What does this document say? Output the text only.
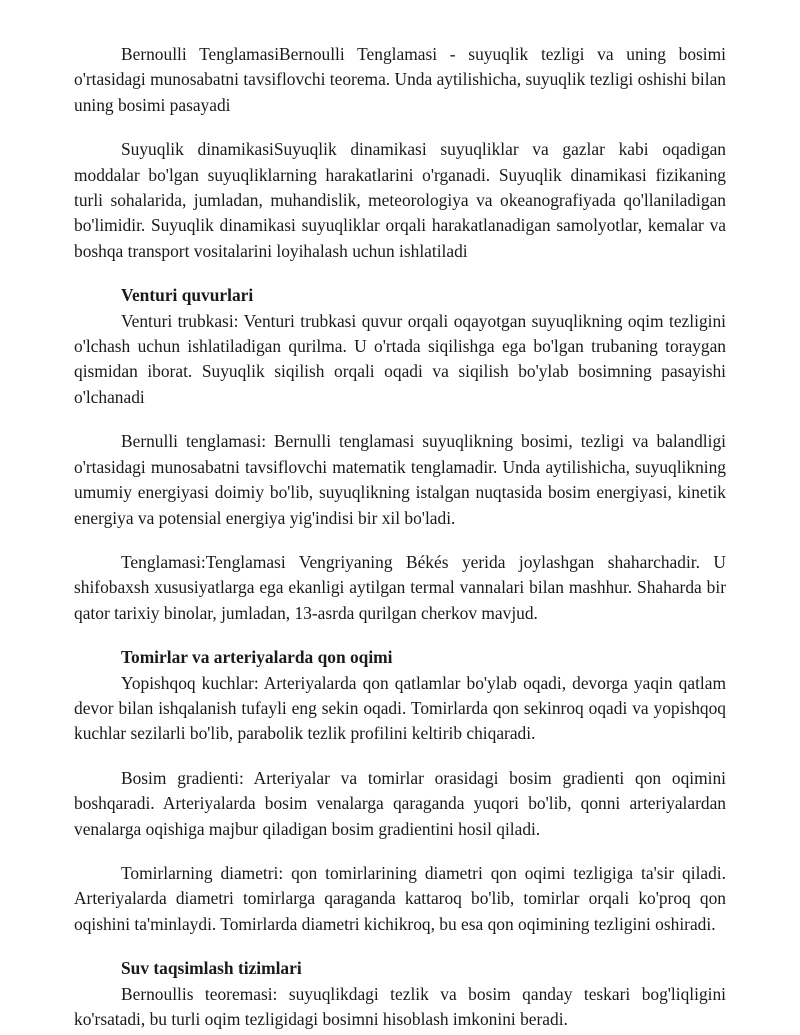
Bernoulli TenglamasiBernoulli Tenglamasi - suyuqlik tezligi va uning bosimi o'rtasidagi munosabatni tavsiflovchi teorema. Unda aytilishicha, suyuqlik tezligi oshishi bilan uning bosimi pasayadi

Suyuqlik dinamikasiSuyuqlik dinamikasi suyuqliklar va gazlar kabi oqadigan moddalar bo'lgan suyuqliklarning harakatlarini o'rganadi. Suyuqlik dinamikasi fizikaning turli sohalarida, jumladan, muhandislik, meteorologiya va okeanografiyada qo'llaniladigan bo'limidir. Suyuqlik dinamikasi suyuqliklar orqali harakatlanadigan samolyotlar, kemalar va boshqa transport vositalarini loyihalash uchun ishlatiladi

Venturi quvurlari

Venturi trubkasi: Venturi trubkasi quvur orqali oqayotgan suyuqlikning oqim tezligini o'lchash uchun ishlatiladigan qurilma. U o'rtada siqilishga ega bo'lgan trubaning toraygan qismidan iborat. Suyuqlik siqilish orqali oqadi va siqilish bo'ylab bosimning pasayishi o'lchanadi

Bernulli tenglamasi: Bernulli tenglamasi suyuqlikning bosimi, tezligi va balandligi o'rtasidagi munosabatni tavsiflovchi matematik tenglamadir. Unda aytilishicha, suyuqlikning umumiy energiyasi doimiy bo'lib, suyuqlikning istalgan nuqtasida bosim energiyasi, kinetik energiya va potensial energiya yig'indisi bir xil bo'ladi.

Tenglamasi:Tenglamasi Vengriyaning Békés yerida joylashgan shaharchadir. U shifobaxsh xususiyatlarga ega ekanligi aytilgan termal vannalari bilan mashhur. Shaharda bir qator tarixiy binolar, jumladan, 13-asrda qurilgan cherkov mavjud.

Tomirlar va arteriyalarda qon oqimi

Yopishqoq kuchlar: Arteriyalarda qon qatlamlar bo'ylab oqadi, devorga yaqin qatlam devor bilan ishqalanish tufayli eng sekin oqadi. Tomirlarda qon sekinroq oqadi va yopishqoq kuchlar sezilarli bo'lib, parabolik tezlik profilini keltirib chiqaradi.

Bosim gradienti: Arteriyalar va tomirlar orasidagi bosim gradienti qon oqimini boshqaradi. Arteriyalarda bosim venalarga qaraganda yuqori bo'lib, qonni arteriyalardan venalarga oqishiga majbur qiladigan bosim gradientini hosil qiladi.

Tomirlarning diametri: qon tomirlarining diametri qon oqimi tezligiga ta'sir qiladi. Arteriyalarda diametri tomirlarga qaraganda kattaroq bo'lib, tomirlar orqali ko'proq qon oqishini ta'minlaydi. Tomirlarda diametri kichikroq, bu esa qon oqimining tezligini oshiradi.

Suv taqsimlash tizimlari

Bernoullis teoremasi: suyuqlikdagi tezlik va bosim qanday teskari bog'liqligini ko'rsatadi, bu turli oqim tezligidagi bosimni hisoblash imkonini beradi.
